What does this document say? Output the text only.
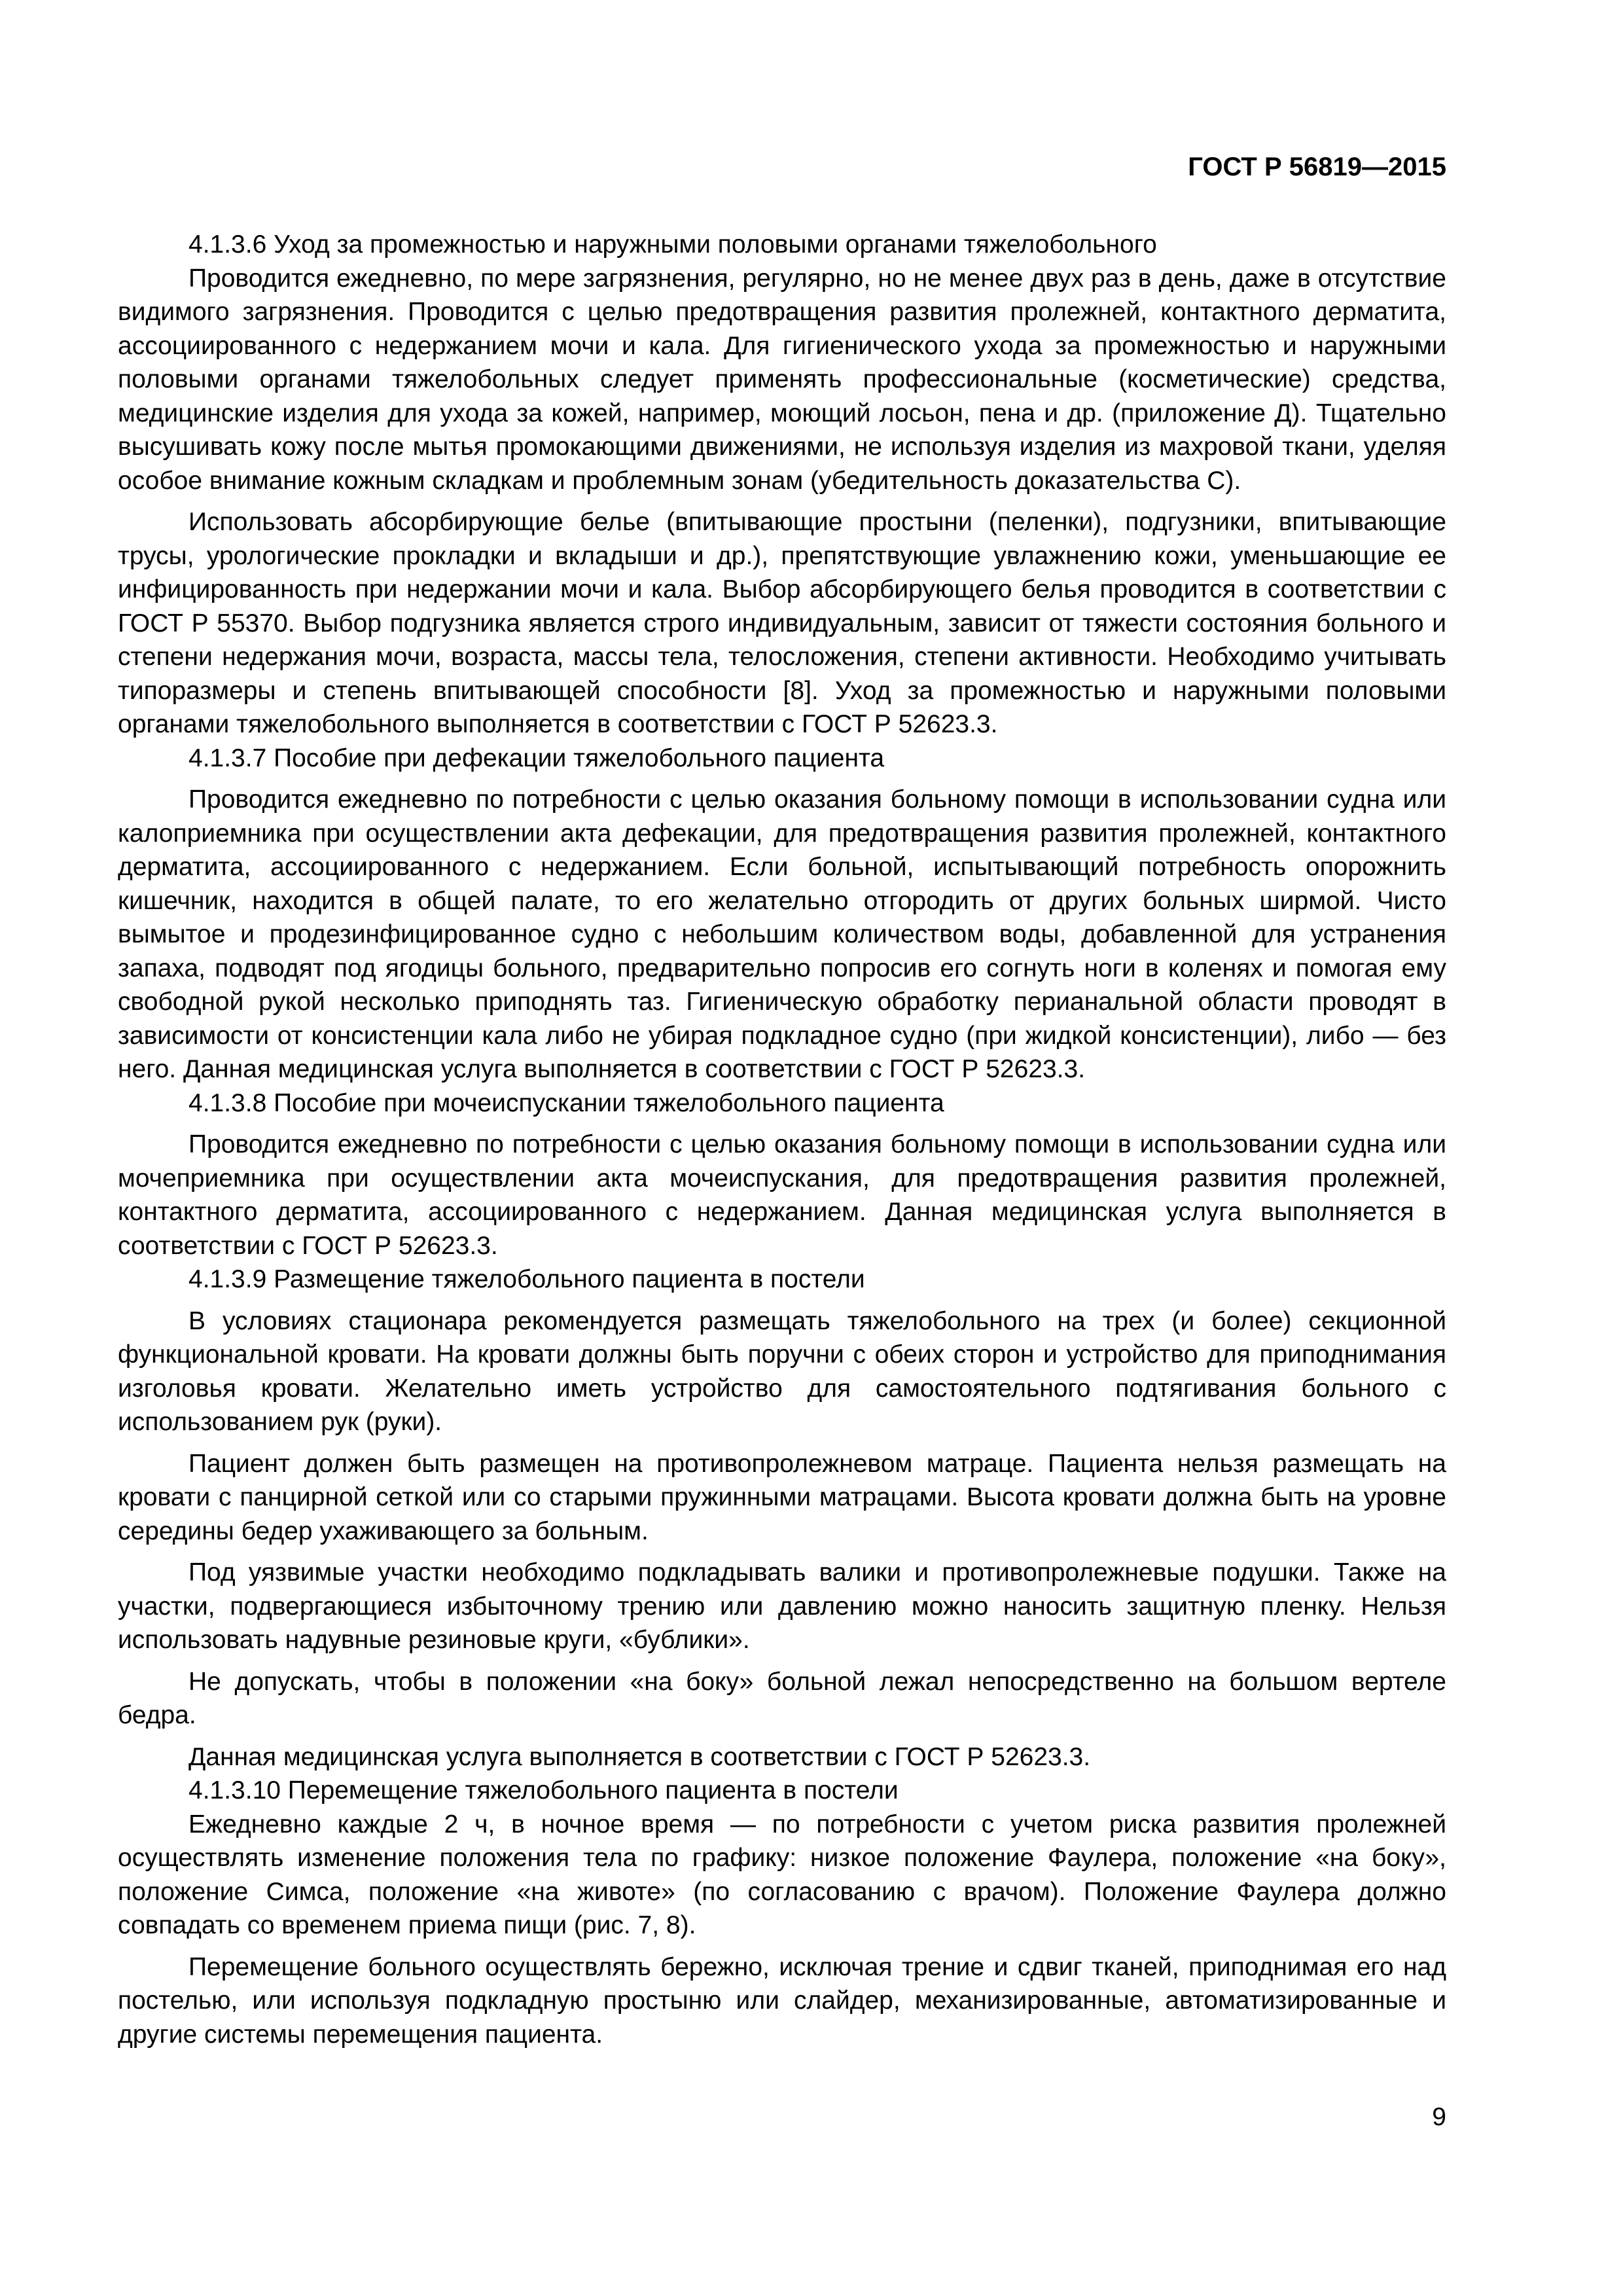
ГОСТ Р 56819—2015

4.1.3.6 Уход за промежностью и наружными половыми органами тяжелобольного

Проводится ежедневно, по мере загрязнения, регулярно, но не менее двух раз в день, даже в отсутствие видимого загрязнения. Проводится с целью предотвращения развития пролежней, контактного дерматита, ассоциированного с недержанием мочи и кала. Для гигиенического ухода за промежностью и наружными половыми органами тяжелобольных следует применять профессиональные (косметические) средства, медицинские изделия для ухода за кожей, например, моющий лосьон, пена и др. (приложение Д). Тщательно высушивать кожу после мытья промокающими движениями, не используя изделия из махровой ткани, уделяя особое внимание кожным складкам и проблемным зонам (убедительность доказательства С).

Использовать абсорбирующие белье (впитывающие простыни (пеленки), подгузники, впитывающие трусы, урологические прокладки и вкладыши и др.), препятствующие увлажнению кожи, уменьшающие ее инфицированность при недержании мочи и кала. Выбор абсорбирующего белья проводится в соответствии с ГОСТ Р 55370. Выбор подгузника является строго индивидуальным, зависит от тяжести состояния больного и степени недержания мочи, возраста, массы тела, телосложения, степени активности. Необходимо учитывать типоразмеры и степень впитывающей способности [8]. Уход за промежностью и наружными половыми органами тяжелобольного выполняется в соответствии с ГОСТ Р 52623.3.

4.1.3.7 Пособие при дефекации тяжелобольного пациента

Проводится ежедневно по потребности с целью оказания больному помощи в использовании судна или калоприемника при осуществлении акта дефекации, для предотвращения развития пролежней, контактного дерматита, ассоциированного с недержанием. Если больной, испытывающий потребность опорожнить кишечник, находится в общей палате, то его желательно отгородить от других больных ширмой. Чисто вымытое и продезинфицированное судно с небольшим количеством воды, добавленной для устранения запаха, подводят под ягодицы больного, предварительно попросив его согнуть ноги в коленях и помогая ему свободной рукой несколько приподнять таз. Гигиеническую обработку перианальной области проводят в зависимости от консистенции кала либо не убирая подкладное судно (при жидкой консистенции), либо — без него. Данная медицинская услуга выполняется в соответствии с ГОСТ Р 52623.3.

4.1.3.8 Пособие при мочеиспускании тяжелобольного пациента

Проводится ежедневно по потребности с целью оказания больному помощи в использовании судна или мочеприемника при осуществлении акта мочеиспускания, для предотвращения развития пролежней, контактного дерматита, ассоциированного с недержанием. Данная медицинская услуга выполняется в соответствии с ГОСТ Р 52623.3.

4.1.3.9 Размещение тяжелобольного пациента в постели

В условиях стационара рекомендуется размещать тяжелобольного на трех (и более) секционной функциональной кровати. На кровати должны быть поручни с обеих сторон и устройство для приподнимания изголовья кровати. Желательно иметь устройство для самостоятельного подтягивания больного с использованием рук (руки).

Пациент должен быть размещен на противопролежневом матраце. Пациента нельзя размещать на кровати с панцирной сеткой или со старыми пружинными матрацами. Высота кровати должна быть на уровне середины бедер ухаживающего за больным.

Под уязвимые участки необходимо подкладывать валики и противопролежневые подушки. Также на участки, подвергающиеся избыточному трению или давлению можно наносить защитную пленку. Нельзя использовать надувные резиновые круги, «бублики».

Не допускать, чтобы в положении «на боку» больной лежал непосредственно на большом вертеле бедра.

Данная медицинская услуга выполняется в соответствии с ГОСТ Р 52623.3.

4.1.3.10 Перемещение тяжелобольного пациента в постели

Ежедневно каждые 2 ч, в ночное время — по потребности с учетом риска развития пролежней осуществлять изменение положения тела по графику: низкое положение Фаулера, положение «на боку», положение Симса, положение «на животе» (по согласованию с врачом). Положение Фаулера должно совпадать со временем приема пищи (рис. 7, 8).

Перемещение больного осуществлять бережно, исключая трение и сдвиг тканей, приподнимая его над постелью, или используя подкладную простыню или слайдер, механизированные, автоматизированные и другие системы перемещения пациента.

9
